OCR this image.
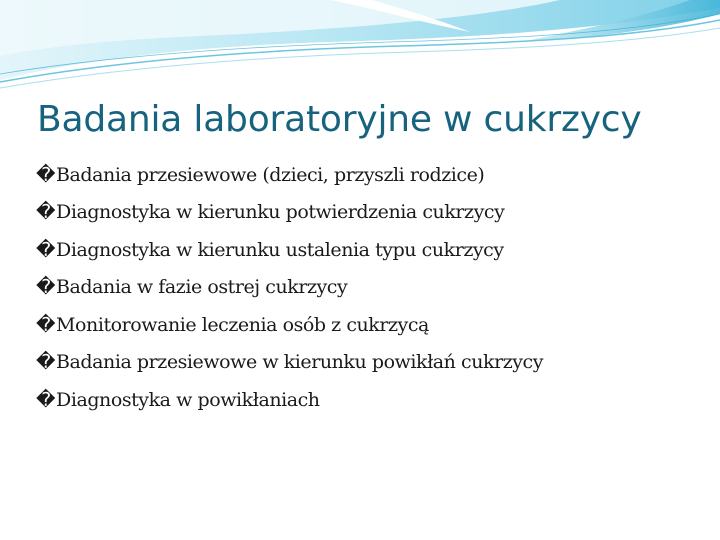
Badania laboratoryjne w cukrzycy
� Badania przesiewowe (dzieci, przyszli rodzice)
� Diagnostyka w kierunku potwierdzenia cukrzycy
� Diagnostyka w kierunku ustalenia typu cukrzycy
� Badania w fazie ostrej cukrzycy
� Monitorowanie leczenia osób z cukrzycą
� Badania przesiewowe w kierunku powikłań cukrzycy
� Diagnostyka w powikłaniach
